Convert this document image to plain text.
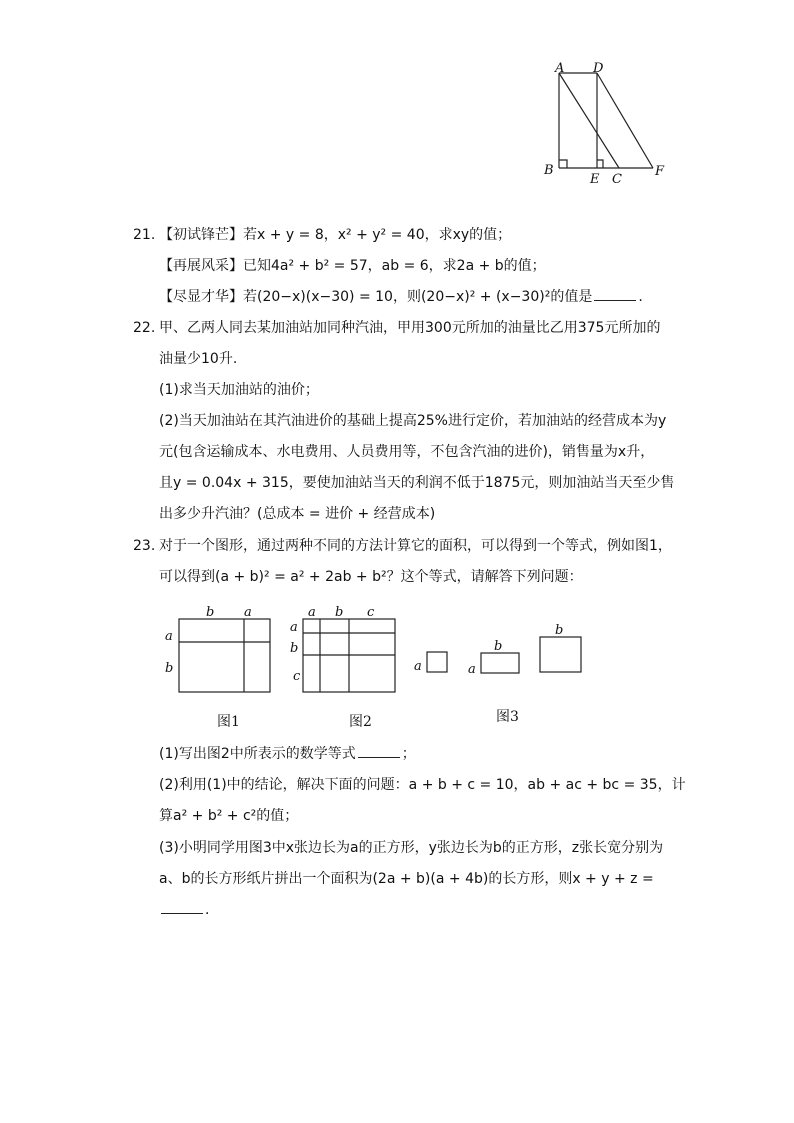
A D
B
E C
F
21. 【初试锋芒】若x + y = 8，x² + y² = 40，求xy的值；
【再展风采】已知4a² + b² = 57，ab = 6，求2a + b的值；
【尽显才华】若(20−x)(x−30) = 10，则(20−x)² + (x−30)²的值是	.
22. 甲、乙两人同去某加油站加同种汽油，甲用300元所加的油量比乙用375元所加的
油量少10升.
(1)求当天加油站的油价；
(2)当天加油站在其汽油进价的基础上提高25%进行定价，若加油站的经营成本为y
元(包含运输成本、水电费用、人员费用等，不包含汽油的进价)，销售量为x升，
且y = 0.04x + 315，要使加油站当天的利润不低于1875元，则加油站当天至少售
出多少升汽油？(总成本 = 进价 + 经营成本)
23. 对于一个图形，通过两种不同的方法计算它的面积，可以得到一个等式，例如图1，
可以得到(a + b)² = a² + 2ab + b²？这个等式，请解答下列问题：
b a
a
b
a b c
a
b
c
a	a
b
b
图1	图2	图3
(1)写出图2中所表示的数学等式	；
(2)利用(1)中的结论，解决下面的问题：a + b + c = 10，ab + ac + bc = 35，计
算a² + b² + c²的值；
(3)小明同学用图3中x张边长为a的正方形，y张边长为b的正方形，z张长宽分别为
a、b的长方形纸片拼出一个面积为(2a + b)(a + 4b)的长方形，则x + y + z =
.
